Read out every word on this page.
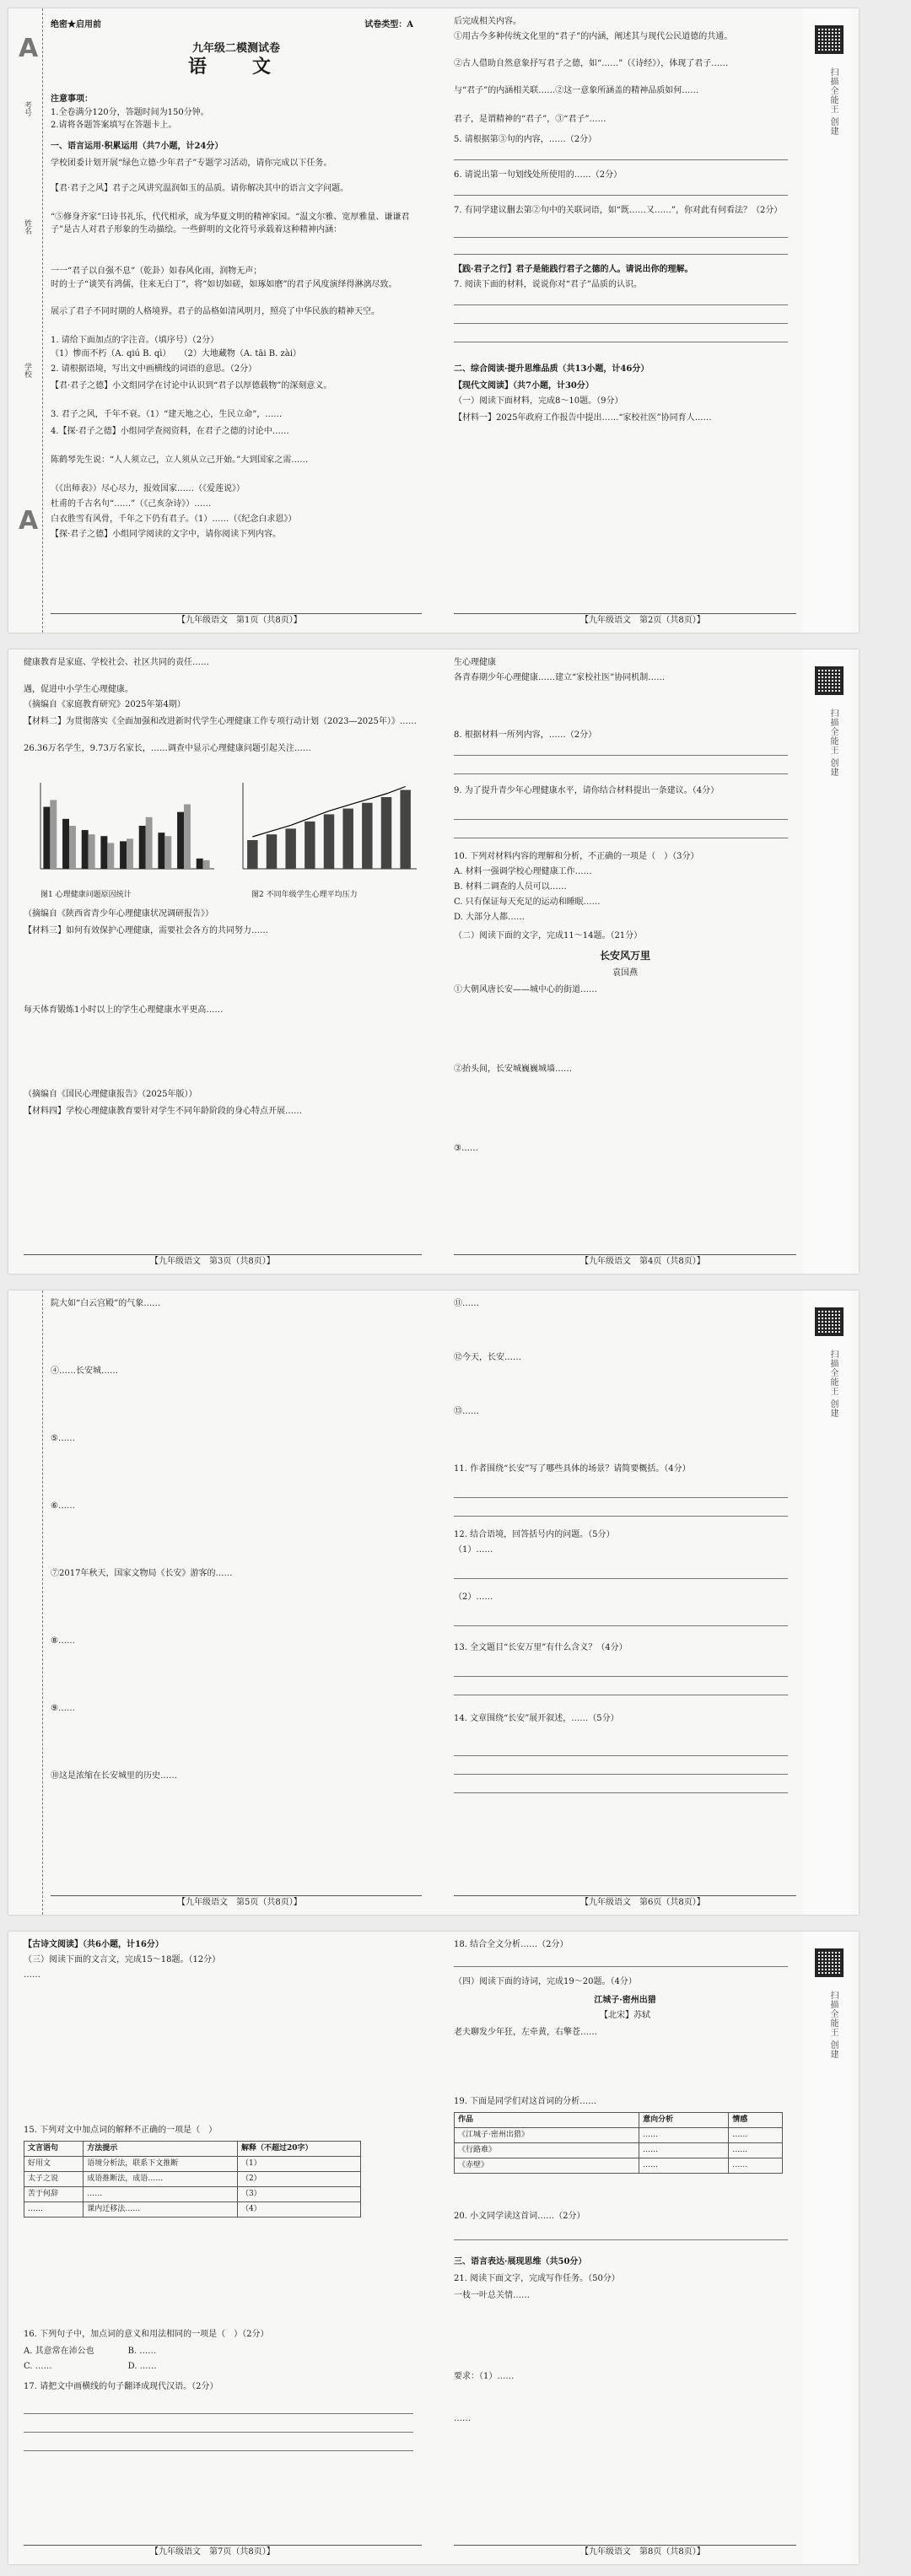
考号
姓名
学校
A
A
绝密★启用前	试卷类型：A
九年级二模测试卷
语　文
注意事项：
1.全卷满分120分，答题时间为150分钟。
2.请将各题答案填写在答题卡上。
一、语言运用·积累运用（共7小题，计24分）
学校团委计划开展“绿色立德·少年君子”专题学习活动，请你完成以下任务。
【君·君子之风】君子之风讲究温润如玉的品质。请你解决其中的语言文字问题。
“⑤修身齐家”曰诗书礼乐，代代相承，成为华夏文明的精神家园。“温文尔雅、宽厚雅量、谦谦君子”是古人对君子形象的生动描绘。一些鲜明的文化符号承载着这种精神内涵：
一一“君子以自强不息”（乾卦）如春风化雨，润物无声；
时的士子“谈笑有鸿儒，往来无白丁”，将“如切如磋，如琢如磨”的君子风度演绎得淋漓尽致。
展示了君子不同时期的人格境界。君子的品格如清风明月，照亮了中华民族的精神天空。
1. 请给下面加点的字注音。（填序号）（2分）
（1）惨而不朽（A. qiú B. qì）　　（2）大地藏物（A. tāi B. zài）
2. 请根据语境，写出文中画横线的词语的意思。（2分）
【君·君子之德】小文组同学在讨论中认识到“君子以厚德载物”的深刻意义。
3. 君子之风，千年不衰。（1）“建天地之心，生民立命”，……
4.【探·君子之德】小组同学查阅资料，在君子之德的讨论中……
陈鹤琴先生说：“人人须立己，立人须从立己开始。”大到国家之需……
（《出师表》）尽心尽力，报效国家……（《爱莲说》）
杜甫的千古名句“……”（《己亥杂诗》）……
白衣胜雪有风骨，千年之下仍有君子。（1）……（《纪念白求恩》）
【探·君子之德】小组同学阅读的文字中，请你阅读下列内容。
【九年级语文　第1页（共8页）】
后完成相关内容。
①用古今多种传统文化里的“君子”的内涵，阐述其与现代公民道德的共通。
②古人借助自然意象抒写君子之德，如“……”（《诗经》），体现了君子……
与“君子”的内涵相关联……②这一意象所涵盖的精神品质如何……
君子，是谓精神的“君子”，③“君子”……
5. 请根据第③句的内容，……（2分）
6. 请说出第一句划线处所使用的……（2分）
7. 有同学建议删去第②句中的关联词语，如“既……又……”，你对此有何看法？（2分）
【践·君子之行】君子是能践行君子之德的人。请说出你的理解。
7. 阅读下面的材料，说说你对“君子”品质的认识。
二、综合阅读·提升思维品质（共13小题，计46分）
【现代文阅读】（共7小题，计30分）
（一）阅读下面材料，完成8～10题。（9分）
【材料一】2025年政府工作报告中提出……“家校社医”协同育人……
【九年级语文　第2页（共8页）】
扫描全能王 创建
健康教育是家庭、学校社会、社区共同的责任……
遇，促进中小学生心理健康。
（摘编自《家庭教育研究》2025年第4期）
【材料二】为贯彻落实《全面加强和改进新时代学生心理健康工作专项行动计划（2023—2025年）》……
26.36万名学生，9.73万名家长，……调查中显示心理健康问题引起关注……
图1 心理健康问题原因统计	图2 不同年级学生心理平均压力
（摘编自《陕西省青少年心理健康状况调研报告》）
【材料三】如何有效保护心理健康，需要社会各方的共同努力……
每天体育锻炼1小时以上的学生心理健康水平更高……
（摘编自《国民心理健康报告》（2025年版））
【材料四】学校心理健康教育要针对学生不同年龄阶段的身心特点开展……
【九年级语文　第3页（共8页）】
生心理健康
各青春期少年心理健康……建立“家校社医”协同机制……
8. 根据材料一所列内容，……（2分）
9. 为了提升青少年心理健康水平，请你结合材料提出一条建议。（4分）
10. 下列对材料内容的理解和分析，不正确的一项是（　）（3分）
A. 材料一强调学校心理健康工作……
B. 材料二调查的人员可以……
C. 只有保证每天充足的运动和睡眠……
D. 大部分人都……
（二）阅读下面的文字，完成11～14题。（21分）
长安风万里
袁国燕
①大朝风唐长安——城中心的街道……
②抬头间，长安城巍巍城墙……
③……
【九年级语文　第4页（共8页）】
扫描全能王 创建
院大如“白云宫殿”的气象……
④……长安城……
⑤……
⑥……
⑦2017年秋天，国家文物局《长安》游客的……
⑧……
⑨……
⑩这是浓缩在长安城里的历史……
【九年级语文　第5页（共8页）】
⑪……
⑫今天，长安……
⑬……
11. 作者围绕“长安”写了哪些具体的场景？请简要概括。（4分）
12. 结合语境，回答括号内的问题。（5分）
（1）……
（2）……
13. 全文题目“长安万里”有什么含义？（4分）
14. 文章围绕“长安”展开叙述，……（5分）
【九年级语文　第6页（共8页）】
扫描全能王 创建
【古诗文阅读】（共6小题，计16分）
（三）阅读下面的文言文，完成15～18题。（12分）
……
15. 下列对文中加点词的解释不正确的一项是（　）
文言语句	方法提示	解释（不超过20字）
好用文	语境分析法，联系下文推断	（1）
太子之说	成语推断法，成语……	（2）
苦于何辞	……	（3）
……	课内迁移法……	（4）
16. 下列句子中，加点词的意义和用法相同的一项是（　）（2分）
A. 其意常在沛公也　　　　B. ……
C. ……　　　　　　　　　D. ……
17. 请把文中画横线的句子翻译成现代汉语。（2分）
【九年级语文　第7页（共8页）】
18. 结合全文分析……（2分）
（四）阅读下面的诗词，完成19～20题。（4分）
江城子·密州出猎
【北宋】苏轼
老夫聊发少年狂，左牵黄，右擎苍……
19. 下面是同学们对这首词的分析……
作品	意向分析	情感
《江城子·密州出猎》	……	……
《行路难》	……	……
《赤壁》	……	……
20. 小文同学读这首词……（2分）
三、语言表达·展现思维（共50分）
21. 阅读下面文字，完成写作任务。（50分）
一枝一叶总关情……
要求：（1）……
……
【九年级语文　第8页（共8页）】
扫描全能王 创建
